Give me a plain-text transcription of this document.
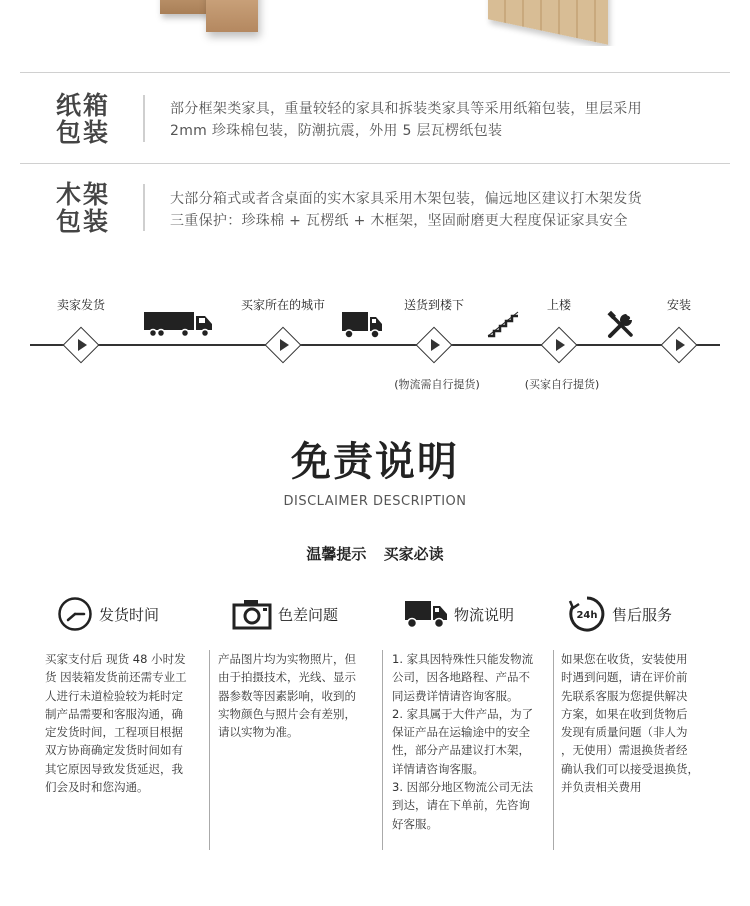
纸箱
包装
部分框架类家具，重量较轻的家具和拆装类家具等采用纸箱包装，里层采用
2mm 珍珠棉包装，防潮抗震，外用 5 层瓦楞纸包装
木架
包装
大部分箱式或者含桌面的实木家具采用木架包装，偏远地区建议打木架发货
三重保护：珍珠棉 + 瓦楞纸 + 木框架，坚固耐磨更大程度保证家具安全
卖家发货	买家所在的城市	送货到楼下	上楼	安装
(物流需自行提货)	(买家自行提货)
免责说明
DISCLAIMER DESCRIPTION
温馨提示 买家必读
发货时间
买家支付后 现货 48 小时发
货 因装箱发货前还需专业工
人进行未道检验较为耗时定
制产品需要和客服沟通，确
定发货时间，工程项目根据
双方协商确定发货时间如有
其它原因导致发货延迟，我
们会及时和您沟通。
色差问题
产品图片均为实物照片，但
由于拍摄技术，光线、显示
器参数等因素影响，收到的
实物颜色与照片会有差别，
请以实物为准。
物流说明
1. 家具因特殊性只能发物流
公司，因各地路程、产品不
同运费详情请咨询客服。
2. 家具属于大件产品，为了
保证产品在运输途中的安全
性，部分产品建议打木架，
详情请咨询客服。
3. 因部分地区物流公司无法
到达，请在下单前，先咨询
好客服。
24h 售后服务
如果您在收货，安装使用
时遇到问题，请在评价前
先联系客服为您提供解决
方案，如果在收到货物后
发现有质量问题（非人为
，无使用）需退换货者经
确认我们可以接受退换货，
并负责相关费用
